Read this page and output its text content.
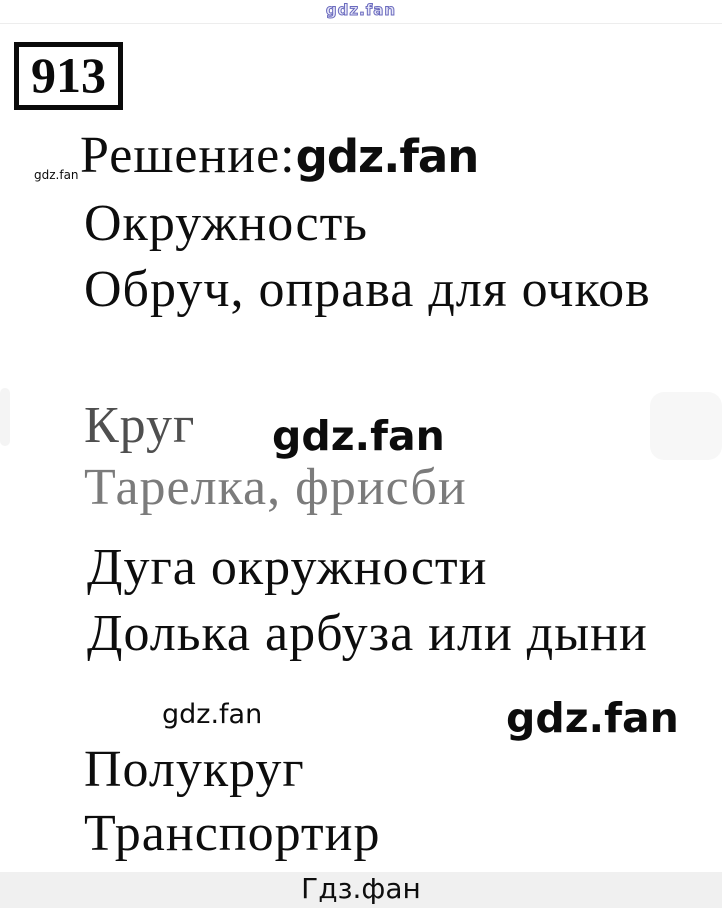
gdz.fan
913
gdz.fan Решение:gdz.fan
Окружность
Обруч, оправа для очков
Круг gdz.fan
Тарелка, фрисби
Дуга окружности
Долька арбуза или дыни
gdz.fan	gdz.fan
Полукруг
Транспортир
Гдз.фан
